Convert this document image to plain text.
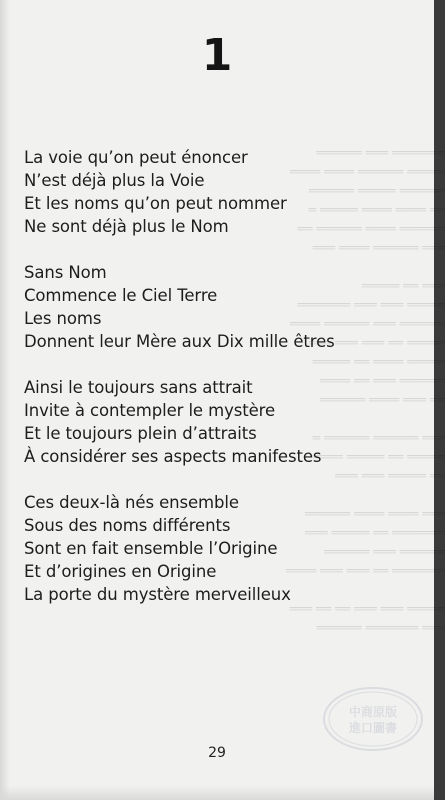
═══════ ═══ ══════
═════ ══════ ════ ════
══════ ═════ ══════
══ ════ ════ ═════ ═
══════ ════ ══════ ══
═══ ══════ ════ ═══

═══ ══ ═════
═════ ═══ ═══ ═══════
══════ ═══ ══════ ════
═════ ══ ═══ ═══ ═══
═════ ════ ══ ═════
══════ ═══ ══ ════
══ ═══ ════ ══════

═══ ══════ ══════ ═
═════ ══ ═════ ════
══ ═════ ═══ ═══

═══ ════ ════ ══════
═══════ ══ ═════ ═══
══════ ═══ ══════
═══════ ══ ═══ ═══ ════

═════ ═══ ═══ ══ ══ ═══
═══ ═══════ ══════
1
La voie qu’on peut énoncer
N’est déjà plus la Voie
Et les noms qu’on peut nommer
Ne sont déjà plus le Nom
Sans Nom
Commence le Ciel Terre
Les noms
Donnent leur Mère aux Dix mille êtres
Ainsi le toujours sans attrait
Invite à contempler le mystère
Et le toujours plein d’attraits
À considérer ses aspects manifestes
Ces deux-là nés ensemble
Sous des noms différents
Sont en fait ensemble l’Origine
Et d’origines en Origine
La porte du mystère merveilleux
中商原版
進口圖書
29
